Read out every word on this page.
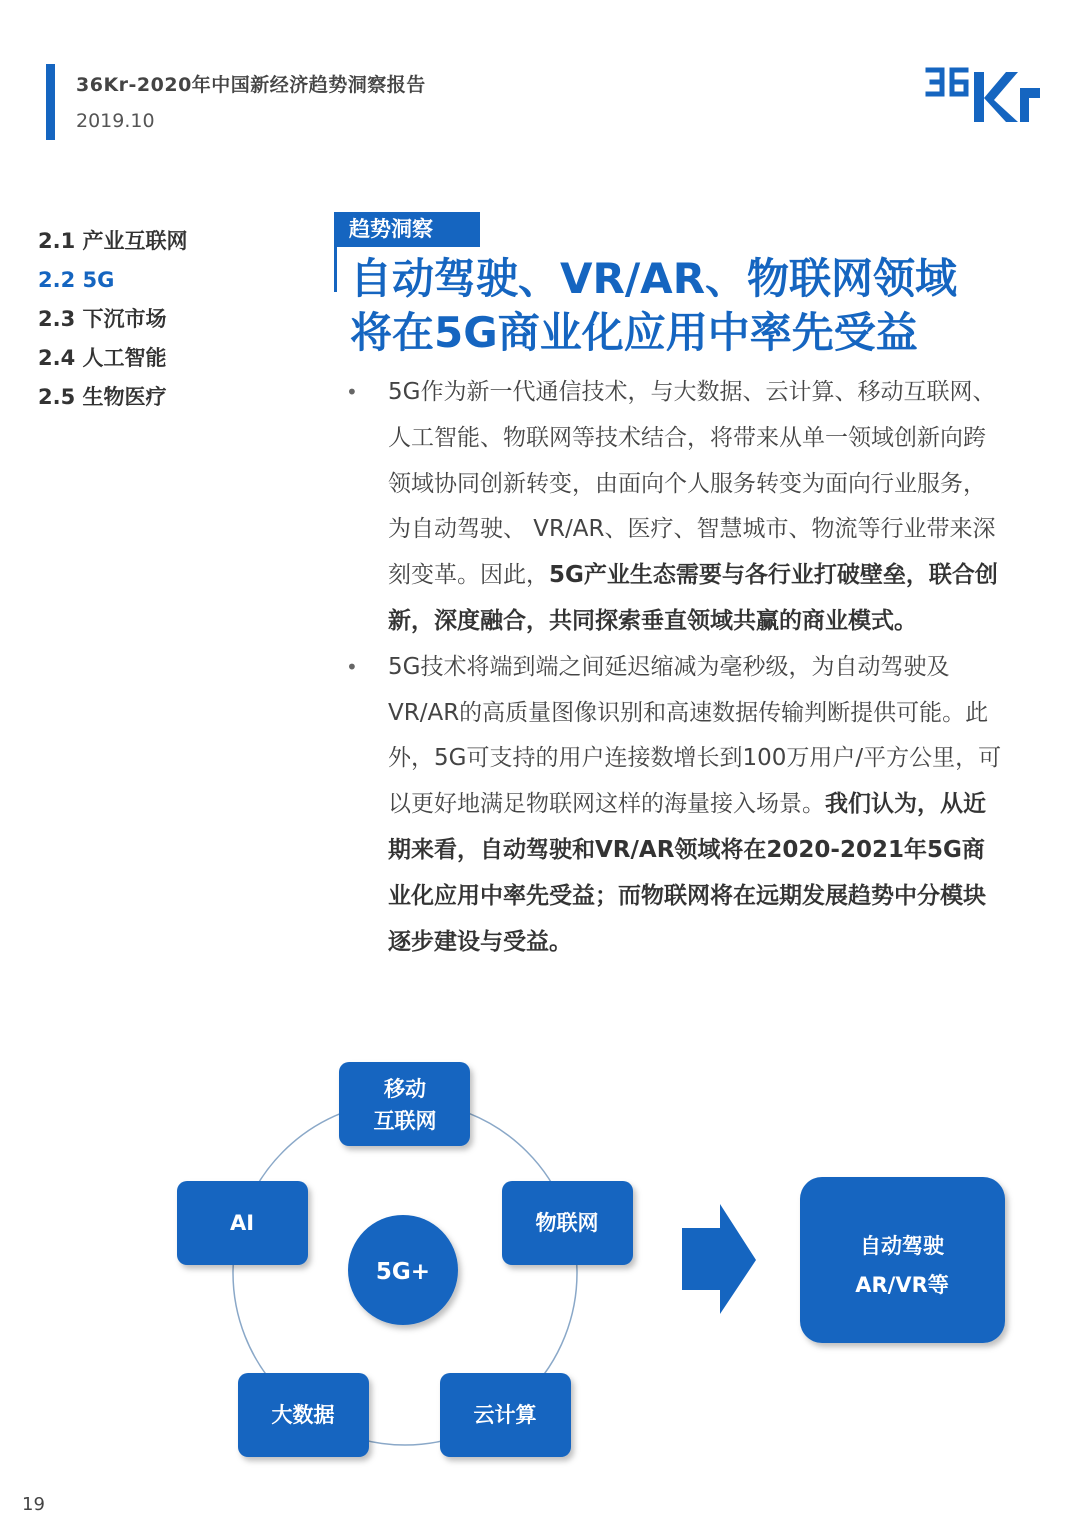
36Kr-2020年中国新经济趋势洞察报告
2019.10
2.1 产业互联网
2.2 5G
2.3 下沉市场
2.4 人工智能
2.5 生物医疗
趋势洞察
自动驾驶、VR/AR、物联网领域
将在5G商业化应用中率先受益
• 5G作为新一代通信技术，与大数据、云计算、移动互联网、人工智能、物联网等技术结合，将带来从单一领域创新向跨领域协同创新转变，由面向个人服务转变为面向行业服务，为自动驾驶、 VR/AR、医疗、智慧城市、物流等行业带来深刻变革。因此，5G产业生态需要与各行业打破壁垒，联合创新，深度融合，共同探索垂直领域共赢的商业模式。
• 5G技术将端到端之间延迟缩减为毫秒级，为自动驾驶及VR/AR的高质量图像识别和高速数据传输判断提供可能。此外，5G可支持的用户连接数增长到100万用户/平方公里，可以更好地满足物联网这样的海量接入场景。我们认为，从近期来看，自动驾驶和VR/AR领域将在2020-2021年5G商业化应用中率先受益；而物联网将在远期发展趋势中分模块逐步建设与受益。
移动
互联网
物联网
云计算
大数据
AI
5G+
自动驾驶
AR/VR等
19
